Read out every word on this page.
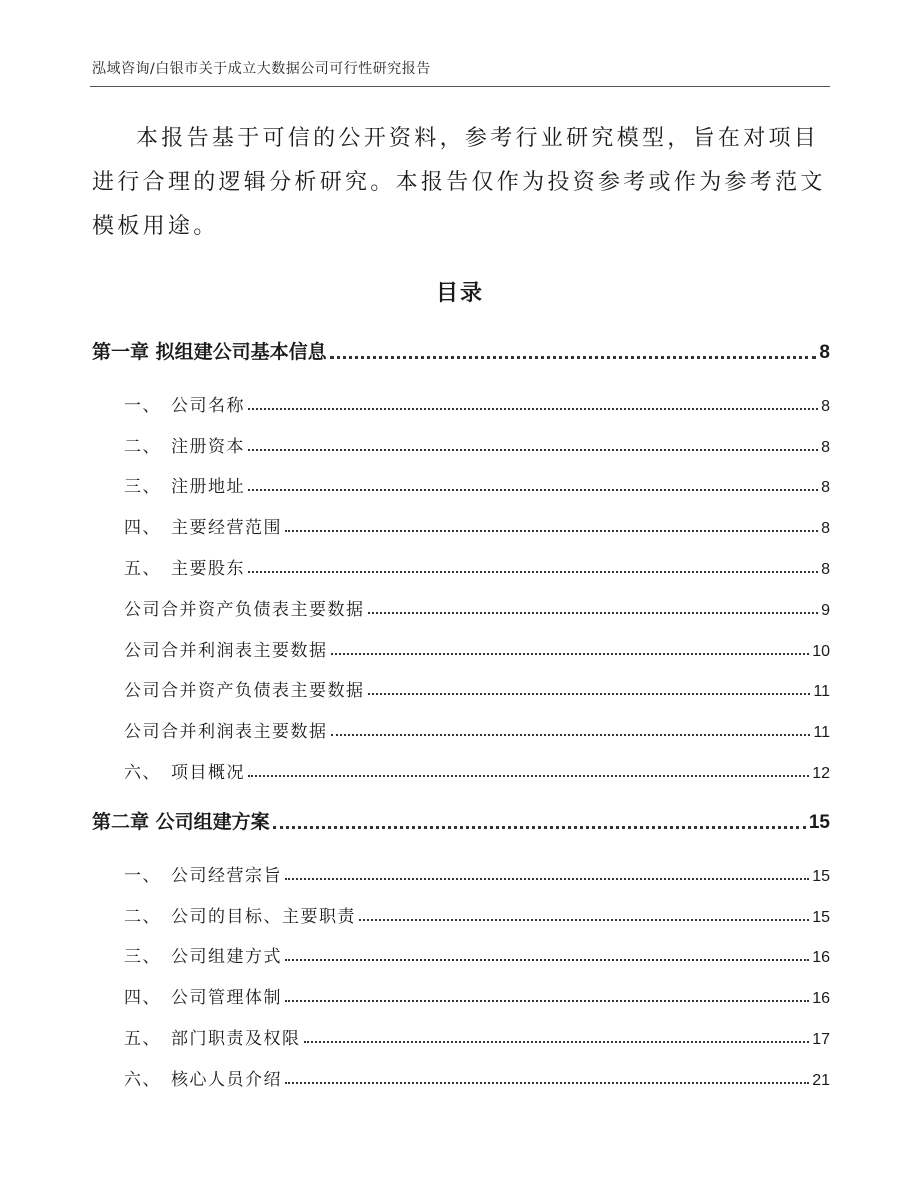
泓域咨询/白银市关于成立大数据公司可行性研究报告

本报告基于可信的公开资料，参考行业研究模型，旨在对项目进行合理的逻辑分析研究。本报告仅作为投资参考或作为参考范文模板用途。

目录
第一章 拟组建公司基本信息	8
一、 公司名称	8
二、 注册资本	8
三、 注册地址	8
四、 主要经营范围	8
五、 主要股东	8
公司合并资产负债表主要数据	9
公司合并利润表主要数据	10
公司合并资产负债表主要数据	11
公司合并利润表主要数据	11
六、 项目概况	12
第二章 公司组建方案	15
一、 公司经营宗旨	15
二、 公司的目标、主要职责	15
三、 公司组建方式	16
四、 公司管理体制	16
五、 部门职责及权限	17
六、 核心人员介绍	21
